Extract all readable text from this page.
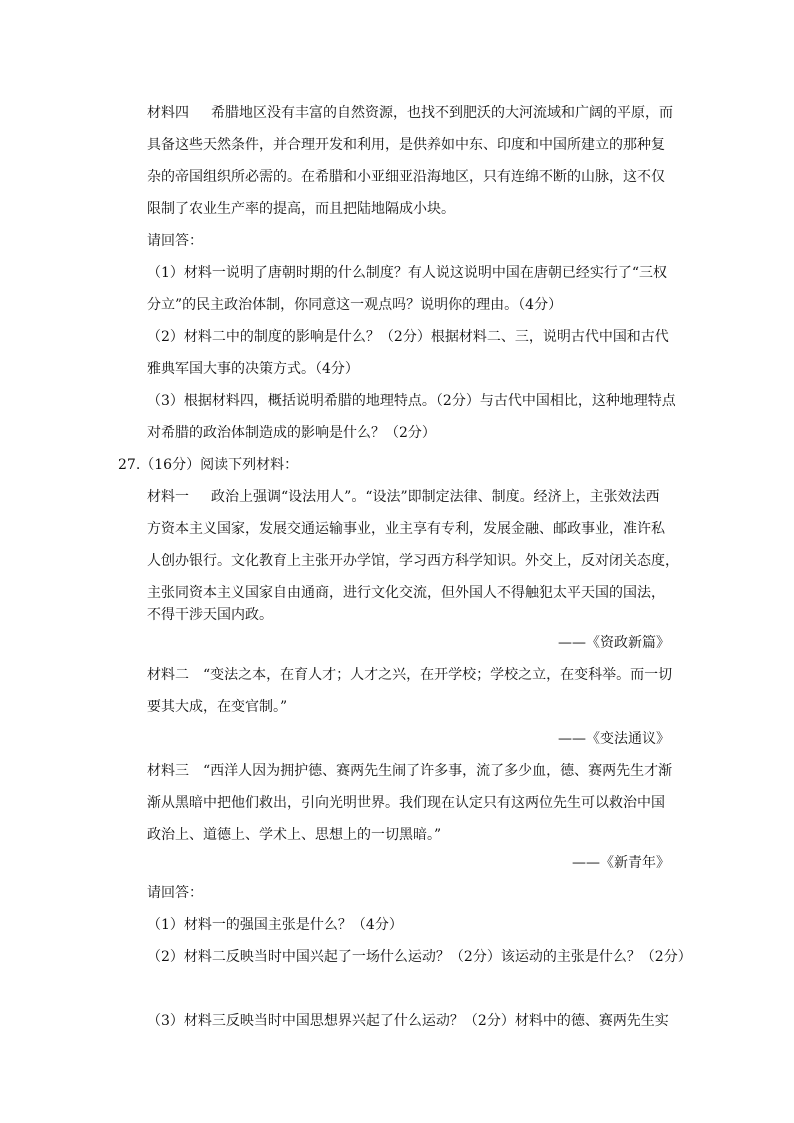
材料四 希腊地区没有丰富的自然资源，也找不到肥沃的大河流域和广阔的平原，而
具备这些天然条件，并合理开发和利用，是供养如中东、印度和中国所建立的那种复
杂的帝国组织所必需的。在希腊和小亚细亚沿海地区，只有连绵不断的山脉，这不仅
限制了农业生产率的提高，而且把陆地隔成小块。
请回答：
（1）材料一说明了唐朝时期的什么制度？有人说这说明中国在唐朝已经实行了“三权
分立”的民主政治体制，你同意这一观点吗？说明你的理由。（4分）
（2）材料二中的制度的影响是什么？（2分）根据材料二、三，说明古代中国和古代
雅典军国大事的决策方式。（4分）
（3）根据材料四，概括说明希腊的地理特点。（2分）与古代中国相比，这种地理特点
对希腊的政治体制造成的影响是什么？（2分）
27.（16分）阅读下列材料：
材料一 政治上强调“设法用人”。“设法”即制定法律、制度。经济上，主张效法西
方资本主义国家，发展交通运输事业，业主享有专利，发展金融、邮政事业，准许私
人创办银行。文化教育上主张开办学馆，学习西方科学知识。外交上，反对闭关态度，
主张同资本主义国家自由通商，进行文化交流，但外国人不得触犯太平天国的国法，
不得干涉天国内政。
——《资政新篇》
材料二 “变法之本，在育人才；人才之兴，在开学校；学校之立，在变科举。而一切
要其大成，在变官制。”
——《变法通议》
材料三 “西洋人因为拥护德、赛两先生闹了许多事，流了多少血，德、赛两先生才渐
渐从黑暗中把他们救出，引向光明世界。我们现在认定只有这两位先生可以救治中国
政治上、道德上、学术上、思想上的一切黑暗。”
——《新青年》
请回答：
（1）材料一的强国主张是什么？（4分）
（2）材料二反映当时中国兴起了一场什么运动？（2分）该运动的主张是什么？（2分）
（3）材料三反映当时中国思想界兴起了什么运动？（2分）材料中的德、赛两先生实
